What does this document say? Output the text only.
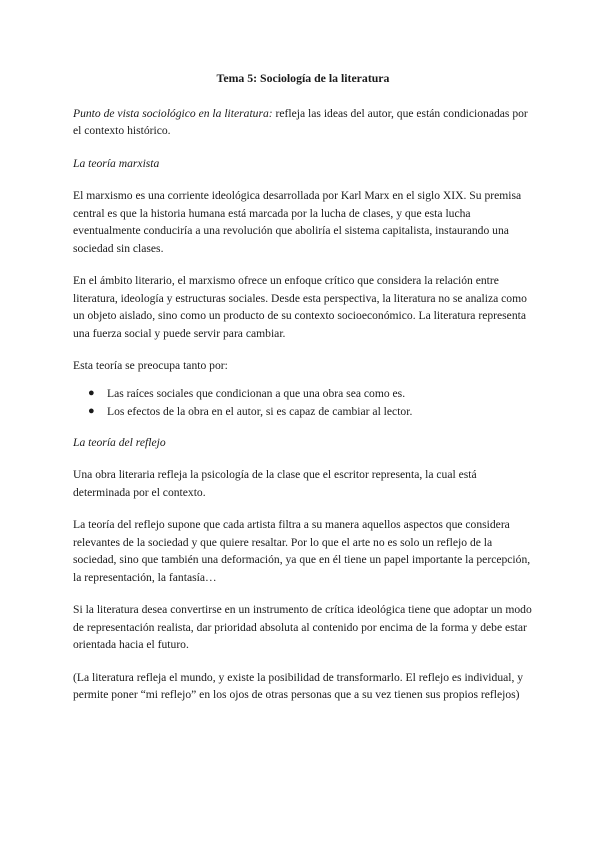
Tema 5: Sociología de la literatura

Punto de vista sociológico en la literatura: refleja las ideas del autor, que están condicionadas por el contexto histórico.

La teoría marxista

El marxismo es una corriente ideológica desarrollada por Karl Marx en el siglo XIX. Su premisa central es que la historia humana está marcada por la lucha de clases, y que esta lucha eventualmente conduciría a una revolución que aboliría el sistema capitalista, instaurando una sociedad sin clases.

En el ámbito literario, el marxismo ofrece un enfoque crítico que considera la relación entre literatura, ideología y estructuras sociales. Desde esta perspectiva, la literatura no se analiza como un objeto aislado, sino como un producto de su contexto socioeconómico. La literatura representa una fuerza social y puede servir para cambiar.

Esta teoría se preocupa tanto por:

● Las raíces sociales que condicionan a que una obra sea como es.
● Los efectos de la obra en el autor, si es capaz de cambiar al lector.
La teoría del reflejo

Una obra literaria refleja la psicología de la clase que el escritor representa, la cual está determinada por el contexto.

La teoría del reflejo supone que cada artista filtra a su manera aquellos aspectos que considera relevantes de la sociedad y que quiere resaltar. Por lo que el arte no es solo un reflejo de la sociedad, sino que también una deformación, ya que en él tiene un papel importante la percepción, la representación, la fantasía…

Si la literatura desea convertirse en un instrumento de crítica ideológica tiene que adoptar un modo de representación realista, dar prioridad absoluta al contenido por encima de la forma y debe estar orientada hacia el futuro.

(La literatura refleja el mundo, y existe la posibilidad de transformarlo. El reflejo es individual, y permite poner “mi reflejo” en los ojos de otras personas que a su vez tienen sus propios reflejos)
